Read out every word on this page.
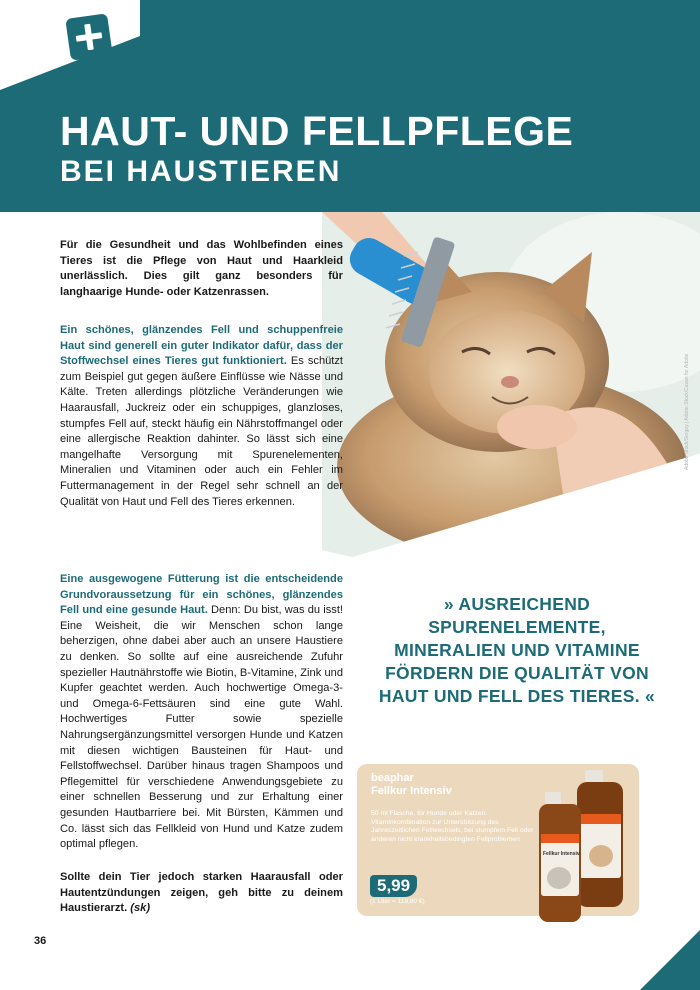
HAUT- UND FELLPFLEGE
BEI HAUSTIEREN
Adobe Stock/Sergey | Adobe Stock/Cavan for Adobe

Für die Gesundheit und das Wohlbefinden eines Tieres ist die Pflege von Haut und Haarkleid unerlässlich. Dies gilt ganz besonders für langhaarige Hunde- oder Katzenrassen.

Ein schönes, glänzendes Fell und schuppenfreie Haut sind generell ein guter Indikator dafür, dass der Stoffwechsel eines Tieres gut funktioniert. Es schützt zum Beispiel gut gegen äußere Einflüsse wie Nässe und Kälte. Treten allerdings plötzliche Veränderungen wie Haarausfall, Juckreiz oder ein schuppiges, glanzloses, stumpfes Fell auf, steckt häufig ein Nährstoffmangel oder eine allergische Reaktion dahinter. So lässt sich eine mangelhafte Versorgung mit Spurenelementen, Mineralien und Vitaminen oder auch ein Fehler im Futtermanagement in der Regel sehr schnell an der Qualität von Haut und Fell des Tieres erkennen.

Eine ausgewogene Fütterung ist die entscheidende Grundvoraussetzung für ein schönes, glänzendes Fell und eine gesunde Haut. Denn: Du bist, was du isst! Eine Weisheit, die wir Menschen schon lange beherzigen, ohne dabei aber auch an unsere Haustiere zu denken. So sollte auf eine ausreichende Zufuhr spezieller Hautnährstoffe wie Biotin, B-Vitamine, Zink und Kupfer geachtet werden. Auch hochwertige Omega-3- und Omega-6-Fettsäuren sind eine gute Wahl. Hochwertiges Futter sowie spezielle Nahrungsergänzungsmittel versorgen Hunde und Katzen mit diesen wichtigen Bausteinen für Haut- und Fellstoffwechsel. Darüber hinaus tragen Shampoos und Pflegemittel für verschiedene Anwendungsgebiete zu einer schnellen Besserung und zur Erhaltung einer gesunden Hautbarriere bei. Mit Bürsten, Kämmen und Co. lässt sich das Fellkleid von Hund und Katze zudem optimal pflegen.

Sollte dein Tier jedoch starken Haarausfall oder Hautentzündungen zeigen, geh bitte zu deinem Haustierarzt. (sk)

» AUSREICHEND SPURENELEMENTE, MINERALIEN UND VITAMINE FÖRDERN DIE QUALITÄT VON HAUT UND FELL DES TIERES. «
beaphar
Fellkur Intensiv
50 ml Flasche, für Hunde oder Katzen. Vitaminkombination zur Unterstützung des Jahreszeitlichen Fellwechsels, bei stumpfem Fell oder anderen nicht krankheitsbedingten Fellproblemen
5,99
(1 Liter = 119,80 €)
Fellkur Intensiv
36
